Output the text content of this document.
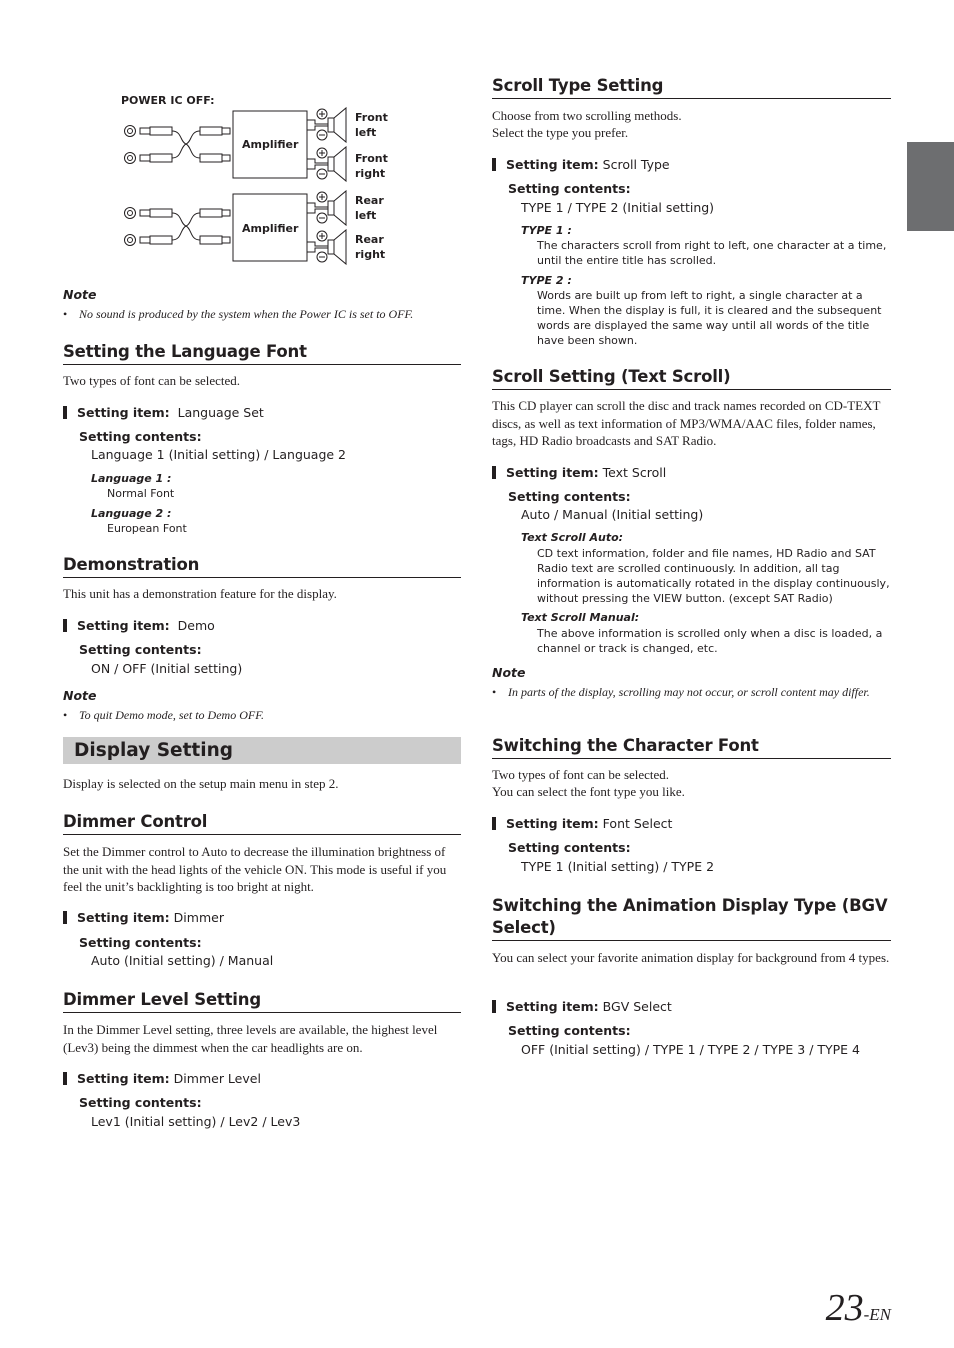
POWER IC OFF:
Amplifier
Amplifier
Front
left
Front
right
Rear
left
Rear
right
Note
• No sound is produced by the system when the Power IC is set to OFF.
Setting the Language Font
Two types of font can be selected.
Setting item: Language Set
Setting contents:
Language 1 (Initial setting) / Language 2
Language 1 :
Normal Font
Language 2 :
European Font
Demonstration
This unit has a demonstration feature for the display.
Setting item: Demo
Setting contents:
ON / OFF (Initial setting)
Note
• To quit Demo mode, set to Demo OFF.
Display Setting
Display is selected on the setup main menu in step 2.
Dimmer Control
Set the Dimmer control to Auto to decrease the illumination brightness of the unit with the head lights of the vehicle ON. This mode is useful if you feel the unit’s backlighting is too bright at night.
Setting item: Dimmer
Setting contents:
Auto (Initial setting) / Manual
Dimmer Level Setting
In the Dimmer Level setting, three levels are available, the highest level (Lev3) being the dimmest when the car headlights are on.
Setting item: Dimmer Level
Setting contents:
Lev1 (Initial setting) / Lev2 / Lev3
Scroll Type Setting
Choose from two scrolling methods.
Select the type you prefer.
Setting item: Scroll Type
Setting contents:
TYPE 1 / TYPE 2 (Initial setting)
TYPE 1 :
The characters scroll from right to left, one character at a time, until the entire title has scrolled.
TYPE 2 :
Words are built up from left to right, a single character at a time. When the display is full, it is cleared and the subsequent words are displayed the same way until all words of the title have been shown.
Scroll Setting (Text Scroll)
This CD player can scroll the disc and track names recorded on CD-TEXT discs, as well as text information of MP3/WMA/AAC files, folder names, tags, HD Radio broadcasts and SAT Radio.
Setting item: Text Scroll
Setting contents:
Auto / Manual (Initial setting)
Text Scroll Auto:
CD text information, folder and file names, HD Radio and SAT Radio text are scrolled continuously. In addition, all tag information is automatically rotated in the display continuously, without pressing the VIEW button. (except SAT Radio)
Text Scroll Manual:
The above information is scrolled only when a disc is loaded, a channel or track is changed, etc.
Note
• In parts of the display, scrolling may not occur, or scroll content may differ.
Switching the Character Font
Two types of font can be selected.
You can select the font type you like.
Setting item: Font Select
Setting contents:
TYPE 1 (Initial setting) / TYPE 2
Switching the Animation Display Type (BGV
Select)
You can select your favorite animation display for background from 4 types.
Setting item: BGV Select
Setting contents:
OFF (Initial setting) / TYPE 1 / TYPE 2 / TYPE 3 / TYPE 4
23-EN
